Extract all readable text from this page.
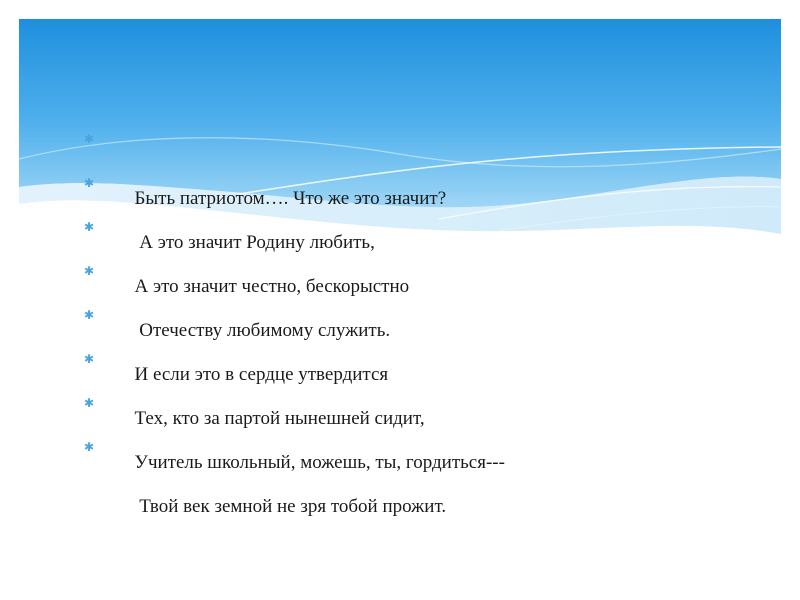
✱

Быть патриотом…. Что же это значит?

✱

А это значит Родину любить,

✱

А это значит честно, бескорыстно

✱

Отечеству любимому служить.

✱

И если это в сердце утвердится

✱

Тех, кто за партой нынешней сидит,

✱

Учитель школьный, можешь, ты, гордиться---

✱

Твой век земной не зря тобой прожит.
